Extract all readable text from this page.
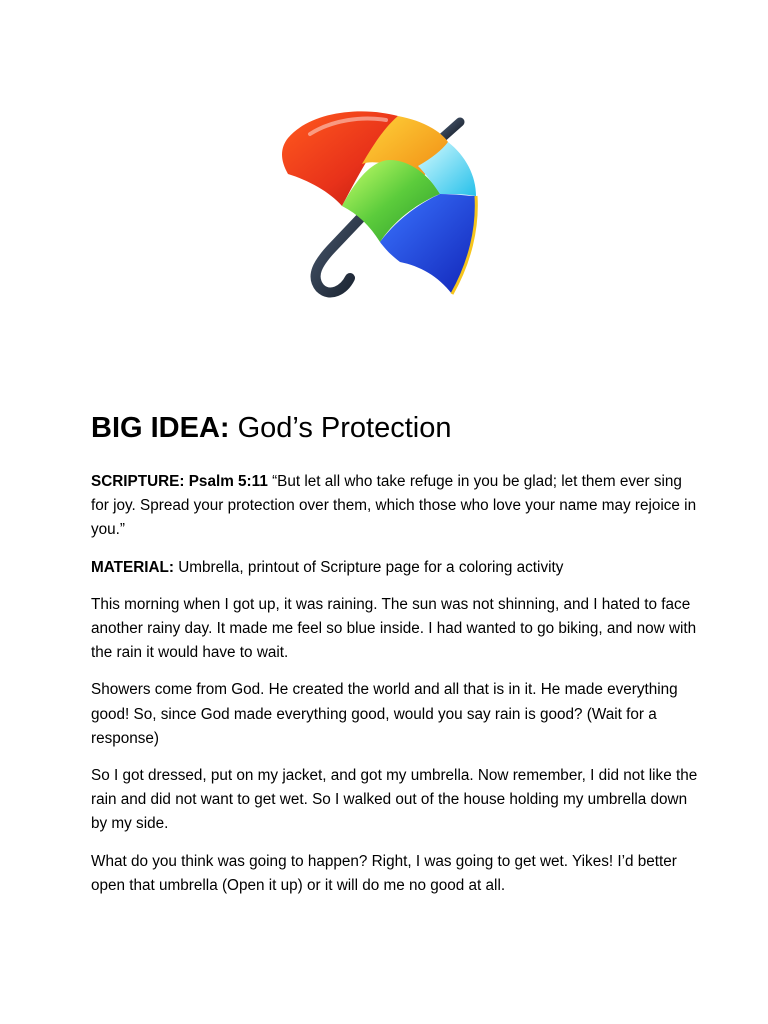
BIG IDEA: God’s Protection

SCRIPTURE: Psalm 5:11 “But let all who take refuge in you be glad; let them ever sing for joy. Spread your protection over them, which those who love your name may rejoice in you.”

MATERIAL: Umbrella, printout of Scripture page for a coloring activity

This morning when I got up, it was raining. The sun was not shinning, and I hated to face another rainy day. It made me feel so blue inside. I had wanted to go biking, and now with the rain it would have to wait.

Showers come from God. He created the world and all that is in it. He made everything good! So, since God made everything good, would you say rain is good? (Wait for a response)

So I got dressed, put on my jacket, and got my umbrella. Now remember, I did not like the rain and did not want to get wet. So I walked out of the house holding my umbrella down by my side.

What do you think was going to happen? Right, I was going to get wet. Yikes! I’d better open that umbrella (Open it up) or it will do me no good at all.
